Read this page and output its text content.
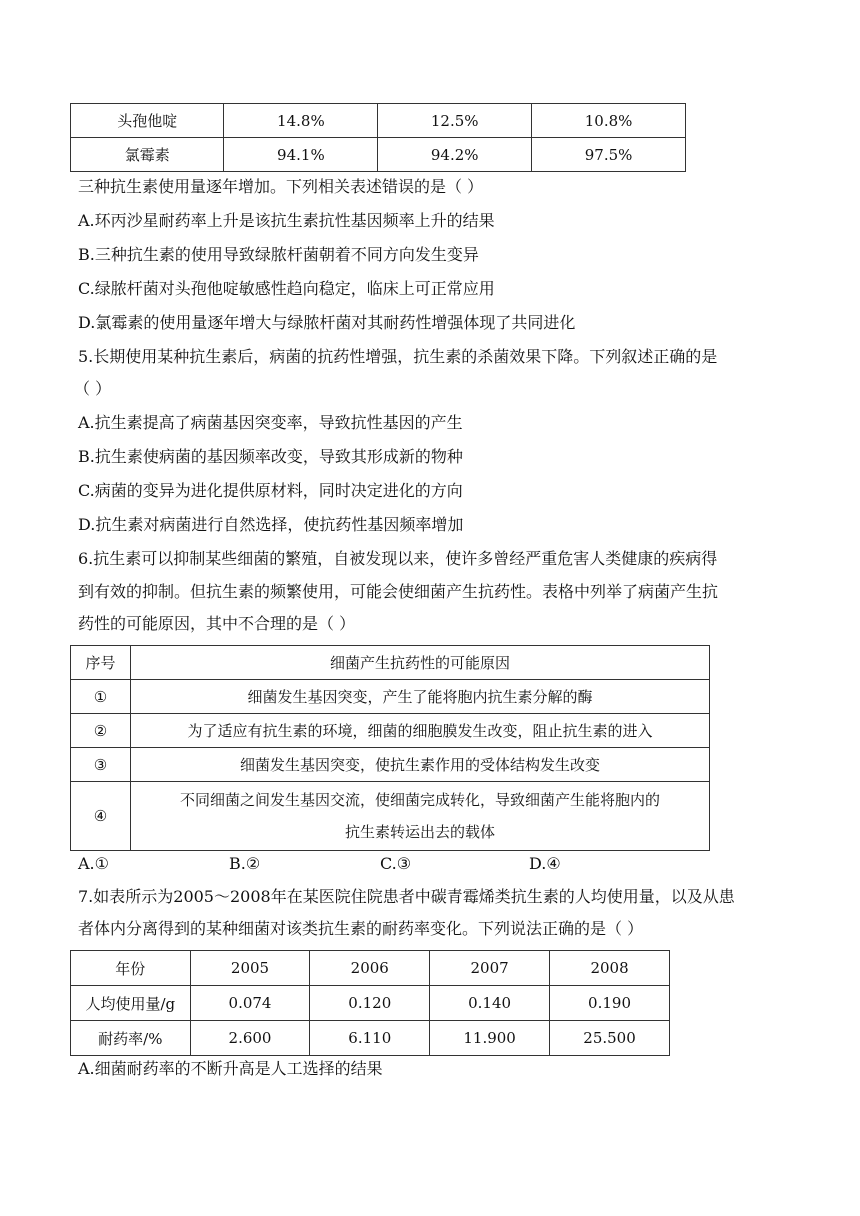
头孢他啶	14.8%	12.5%	10.8%
氯霉素	94.1%	94.2%	97.5%
三种抗生素使用量逐年增加。下列相关表述错误的是（ ）
A.环丙沙星耐药率上升是该抗生素抗性基因频率上升的结果
B.三种抗生素的使用导致绿脓杆菌朝着不同方向发生变异
C.绿脓杆菌对头孢他啶敏感性趋向稳定，临床上可正常应用
D.氯霉素的使用量逐年增大与绿脓杆菌对其耐药性增强体现了共同进化
5.长期使用某种抗生素后，病菌的抗药性增强，抗生素的杀菌效果下降。下列叙述正确的是
（ ）
A.抗生素提高了病菌基因突变率，导致抗性基因的产生
B.抗生素使病菌的基因频率改变，导致其形成新的物种
C.病菌的变异为进化提供原材料，同时决定进化的方向
D.抗生素对病菌进行自然选择，使抗药性基因频率增加
6.抗生素可以抑制某些细菌的繁殖，自被发现以来，使许多曾经严重危害人类健康的疾病得
到有效的抑制。但抗生素的频繁使用，可能会使细菌产生抗药性。表格中列举了病菌产生抗
药性的可能原因，其中不合理的是（ ）
序号	细菌产生抗药性的可能原因
①	细菌发生基因突变，产生了能将胞内抗生素分解的酶
②	为了适应有抗生素的环境，细菌的细胞膜发生改变，阻止抗生素的进入
③	细菌发生基因突变，使抗生素作用的受体结构发生改变
④	不同细菌之间发生基因交流，使细菌完成转化，导致细菌产生能将胞内的
抗生素转运出去的载体
A.①	B.②	C.③	D.④
7.如表所示为2005～2008年在某医院住院患者中碳青霉烯类抗生素的人均使用量，以及从患
者体内分离得到的某种细菌对该类抗生素的耐药率变化。下列说法正确的是（ ）
年份	2005	2006	2007	2008
人均使用量/g	0.074	0.120	0.140	0.190
耐药率/%	2.600	6.110	11.900	25.500
A.细菌耐药率的不断升高是人工选择的结果
